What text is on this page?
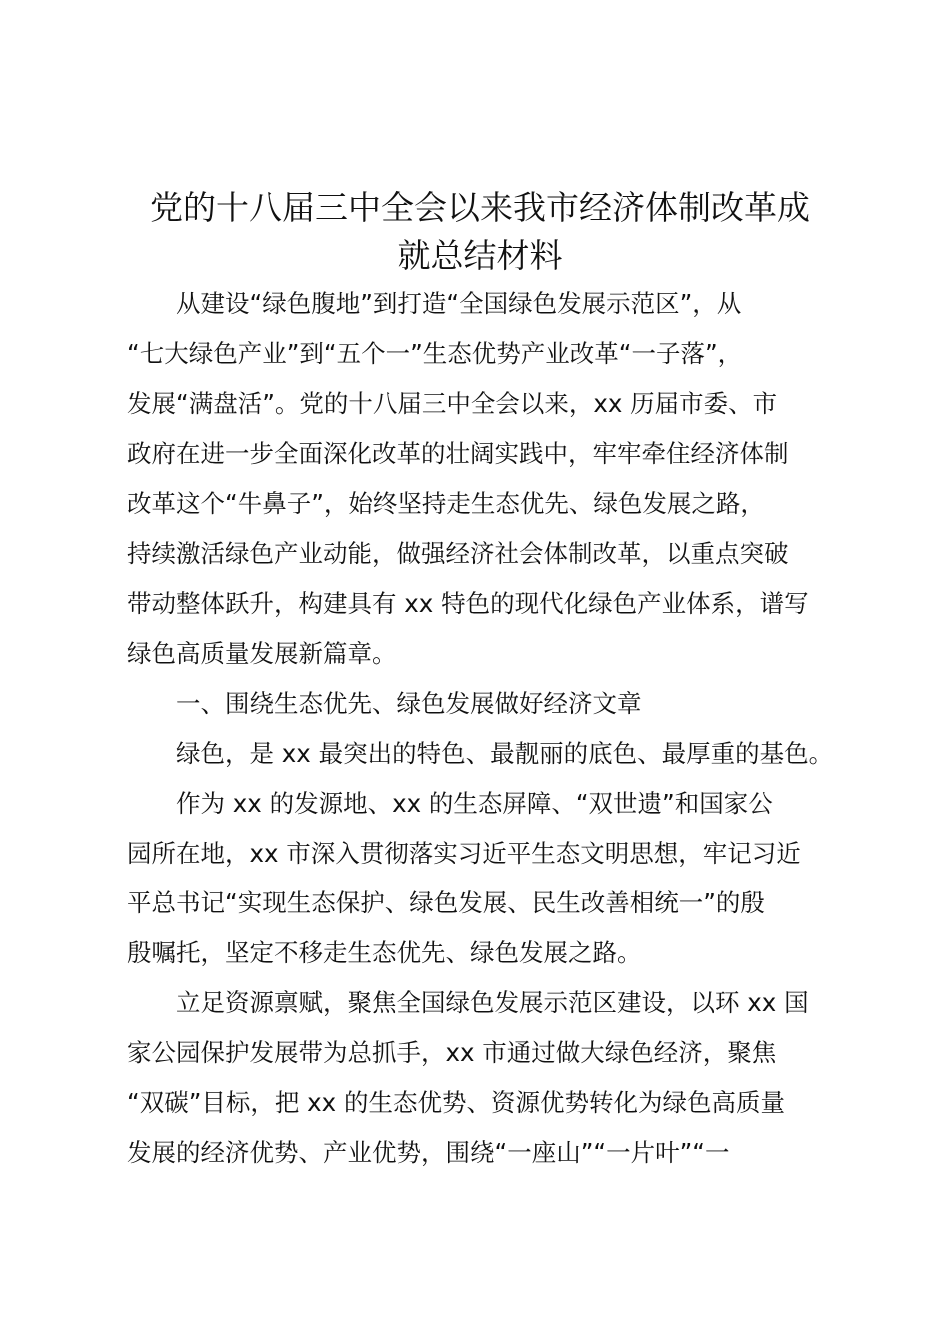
党的十八届三中全会以来我市经济体制改革成
就总结材料

　　从建设“绿色腹地”到打造“全国绿色发展示范区”，从

“七大绿色产业”到“五个一”生态优势产业改革“一子落”，

发展“满盘活”。党的十八届三中全会以来，xx 历届市委、市

政府在进一步全面深化改革的壮阔实践中，牢牢牵住经济体制

改革这个“牛鼻子”，始终坚持走生态优先、绿色发展之路，

持续激活绿色产业动能，做强经济社会体制改革，以重点突破

带动整体跃升，构建具有 xx 特色的现代化绿色产业体系，谱写

绿色高质量发展新篇章。

　　一、围绕生态优先、绿色发展做好经济文章

　　绿色，是 xx 最突出的特色、最靓丽的底色、最厚重的基色。

　　作为 xx 的发源地、xx 的生态屏障、“双世遗”和国家公

园所在地，xx 市深入贯彻落实习近平生态文明思想，牢记习近

平总书记“实现生态保护、绿色发展、民生改善相统一”的殷

殷嘱托，坚定不移走生态优先、绿色发展之路。

　　立足资源禀赋，聚焦全国绿色发展示范区建设，以环 xx 国

家公园保护发展带为总抓手，xx 市通过做大绿色经济，聚焦

“双碳”目标，把 xx 的生态优势、资源优势转化为绿色高质量

发展的经济优势、产业优势，围绕“一座山”“一片叶”“一
